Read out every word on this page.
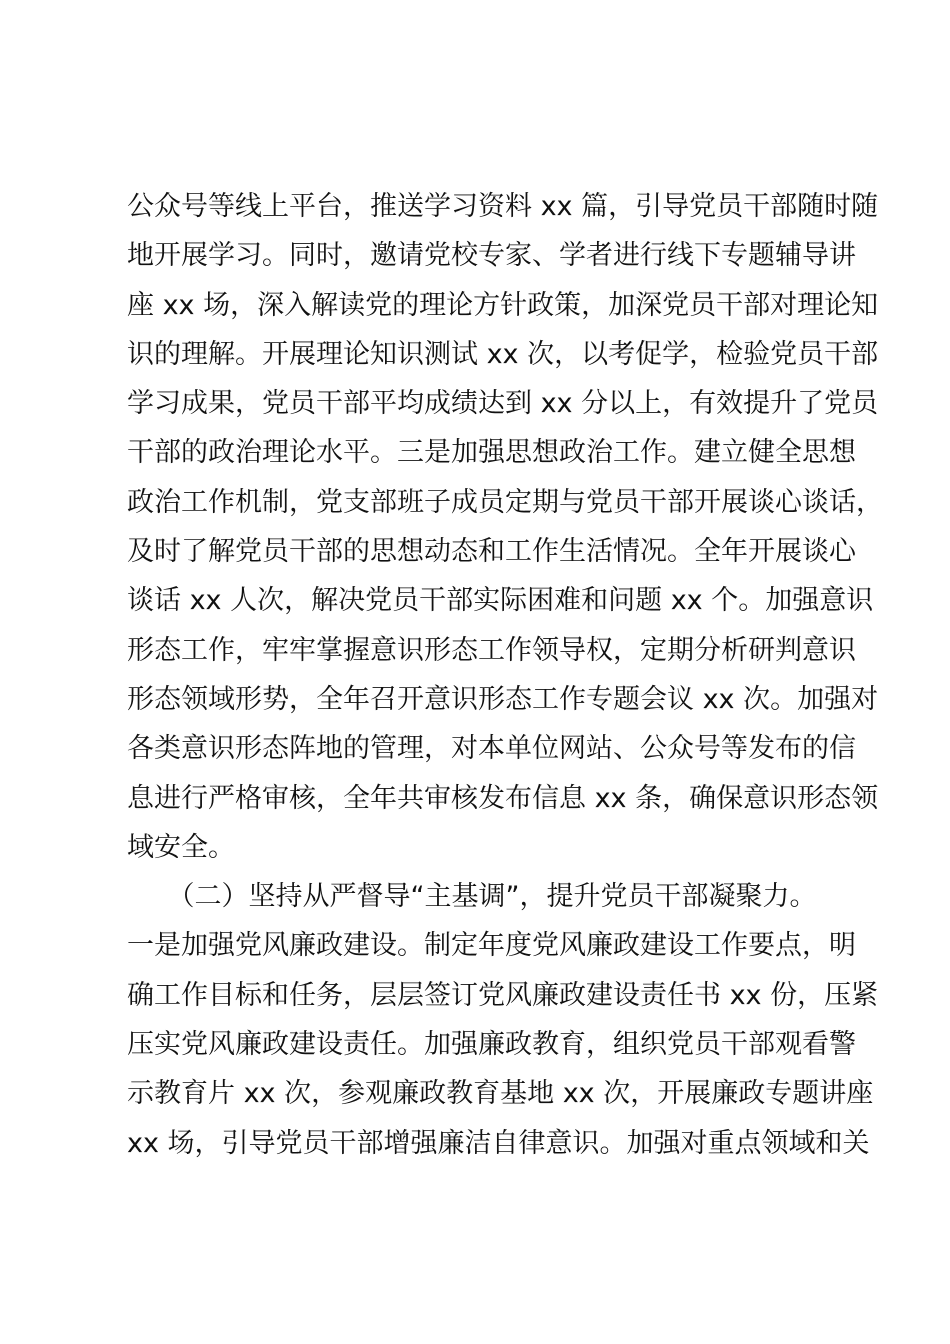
公众号等线上平台，推送学习资料 xx 篇，引导党员干部随时随
地开展学习。同时，邀请党校专家、学者进行线下专题辅导讲
座 xx 场，深入解读党的理论方针政策，加深党员干部对理论知
识的理解。开展理论知识测试 xx 次，以考促学，检验党员干部
学习成果，党员干部平均成绩达到 xx 分以上，有效提升了党员
干部的政治理论水平。三是加强思想政治工作。建立健全思想
政治工作机制，党支部班子成员定期与党员干部开展谈心谈话，
及时了解党员干部的思想动态和工作生活情况。全年开展谈心
谈话 xx 人次，解决党员干部实际困难和问题 xx 个。加强意识
形态工作，牢牢掌握意识形态工作领导权，定期分析研判意识
形态领域形势，全年召开意识形态工作专题会议 xx 次。加强对
各类意识形态阵地的管理，对本单位网站、公众号等发布的信
息进行严格审核，全年共审核发布信息 xx 条，确保意识形态领
域安全。
　　（二）坚持从严督导“主基调”，提升党员干部凝聚力。
一是加强党风廉政建设。制定年度党风廉政建设工作要点，明
确工作目标和任务，层层签订党风廉政建设责任书 xx 份，压紧
压实党风廉政建设责任。加强廉政教育，组织党员干部观看警
示教育片 xx 次，参观廉政教育基地 xx 次，开展廉政专题讲座
xx 场，引导党员干部增强廉洁自律意识。加强对重点领域和关
